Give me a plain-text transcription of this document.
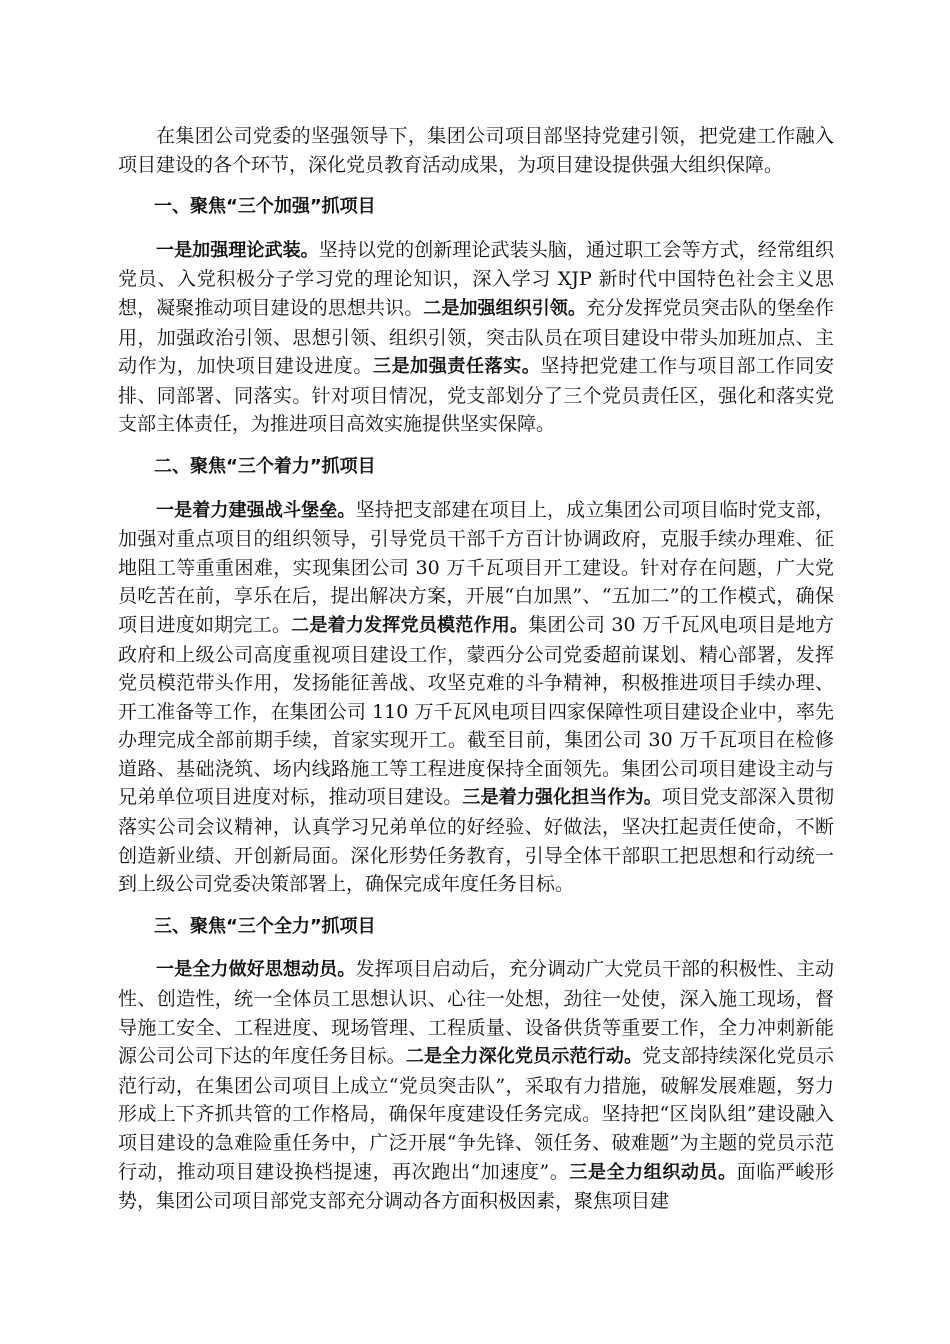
在集团公司党委的坚强领导下，集团公司项目部坚持党建引领，把党建工作融入项目建设的各个环节，深化党员教育活动成果，为项目建设提供强大组织保障。

一、聚焦“三个加强”抓项目

一是加强理论武装。坚持以党的创新理论武装头脑，通过职工会等方式，经常组织党员、入党积极分子学习党的理论知识，深入学习 XJP 新时代中国特色社会主义思想，凝聚推动项目建设的思想共识。二是加强组织引领。充分发挥党员突击队的堡垒作用，加强政治引领、思想引领、组织引领，突击队员在项目建设中带头加班加点、主动作为，加快项目建设进度。三是加强责任落实。坚持把党建工作与项目部工作同安排、同部署、同落实。针对项目情况，党支部划分了三个党员责任区，强化和落实党支部主体责任，为推进项目高效实施提供坚实保障。

二、聚焦“三个着力”抓项目

一是着力建强战斗堡垒。坚持把支部建在项目上，成立集团公司项目临时党支部，加强对重点项目的组织领导，引导党员干部千方百计协调政府，克服手续办理难、征地阻工等重重困难，实现集团公司 30 万千瓦项目开工建设。针对存在问题，广大党员吃苦在前，享乐在后，提出解决方案，开展“白加黑”、“五加二”的工作模式，确保项目进度如期完工。二是着力发挥党员模范作用。集团公司 30 万千瓦风电项目是地方政府和上级公司高度重视项目建设工作，蒙西分公司党委超前谋划、精心部署，发挥党员模范带头作用，发扬能征善战、攻坚克难的斗争精神，积极推进项目手续办理、开工准备等工作，在集团公司 110 万千瓦风电项目四家保障性项目建设企业中，率先办理完成全部前期手续，首家实现开工。截至目前，集团公司 30 万千瓦项目在检修道路、基础浇筑、场内线路施工等工程进度保持全面领先。集团公司项目建设主动与兄弟单位项目进度对标，推动项目建设。三是着力强化担当作为。项目党支部深入贯彻落实公司会议精神，认真学习兄弟单位的好经验、好做法，坚决扛起责任使命，不断创造新业绩、开创新局面。深化形势任务教育，引导全体干部职工把思想和行动统一到上级公司党委决策部署上，确保完成年度任务目标。

三、聚焦“三个全力”抓项目

一是全力做好思想动员。发挥项目启动后，充分调动广大党员干部的积极性、主动性、创造性，统一全体员工思想认识、心往一处想，劲往一处使，深入施工现场，督导施工安全、工程进度、现场管理、工程质量、设备供货等重要工作，全力冲刺新能源公司公司下达的年度任务目标。二是全力深化党员示范行动。党支部持续深化党员示范行动，在集团公司项目上成立“党员突击队”，采取有力措施，破解发展难题，努力形成上下齐抓共管的工作格局，确保年度建设任务完成。坚持把“区岗队组”建设融入项目建设的急难险重任务中，广泛开展“争先锋、领任务、破难题”为主题的党员示范行动，推动项目建设换档提速，再次跑出“加速度”。三是全力组织动员。面临严峻形势，集团公司项目部党支部充分调动各方面积极因素，聚焦项目建
